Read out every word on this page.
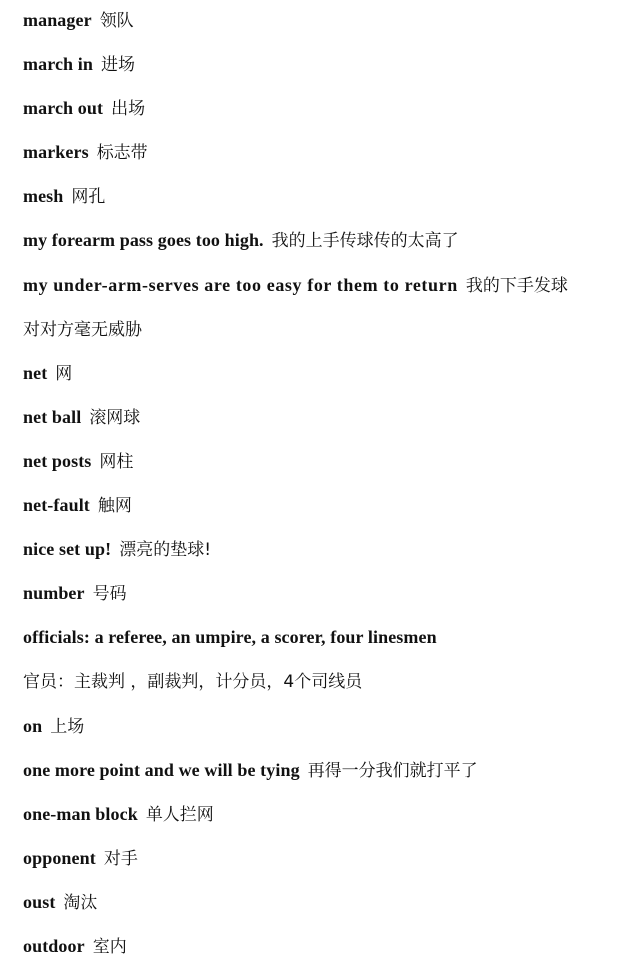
manager 领队
march in 进场
march out 出场
markers 标志带
mesh 网孔
my forearm pass goes too high. 我的上手传球传的太高了
my under-arm-serves are too easy for them to return 我的下手发球
对对方毫无威胁
net 网
net ball 滚网球
net posts 网柱
net-fault 触网
nice set up! 漂亮的垫球!
number 号码
officials: a referee, an umpire, a scorer, four linesmen
官员：主裁判 ，副裁判，计分员，4个司线员
on 上场
one more point and we will be tying 再得一分我们就打平了
one-man block 单人拦网
opponent 对手
oust 淘汰
outdoor 室内
